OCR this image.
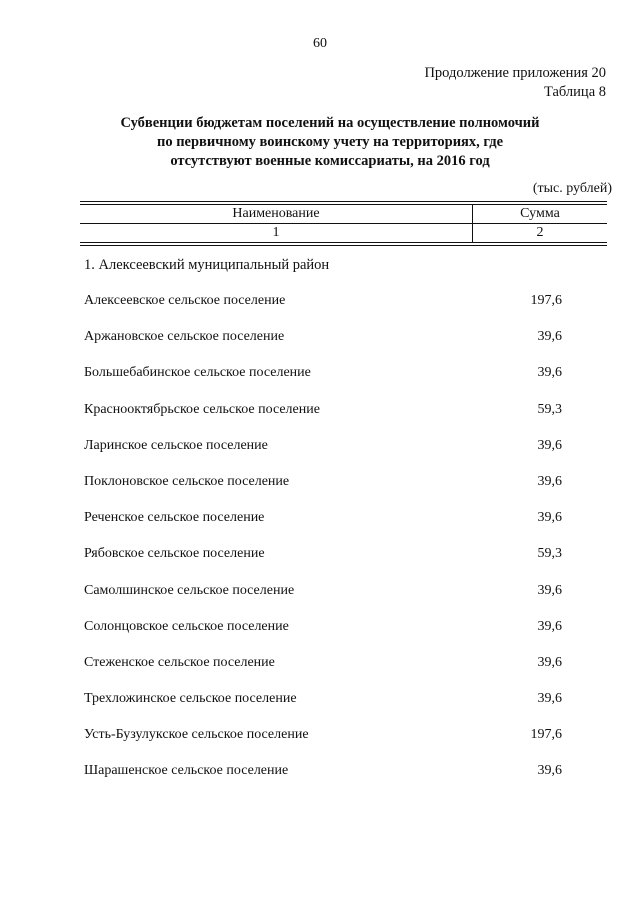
60
Продолжение приложения 20
Таблица 8
Субвенции бюджетам поселений на осуществление полномочий
по первичному воинскому учету на территориях, где
отсутствуют военные комиссариаты, на 2016 год
(тыс. рублей)
Наименование	Сумма
1	2
1. Алексеевский муниципальный район
Алексеевское сельское поселение	197,6
Аржановское сельское поселение	39,6
Большебабинское сельское поселение	39,6
Краснооктябрьское сельское поселение	59,3
Ларинское сельское поселение	39,6
Поклоновское сельское поселение	39,6
Реченское сельское поселение	39,6
Рябовское сельское поселение	59,3
Самолшинское сельское поселение	39,6
Солонцовское сельское поселение	39,6
Стеженское сельское поселение	39,6
Трехложинское сельское поселение	39,6
Усть-Бузулукское сельское поселение	197,6
Шарашенское сельское поселение	39,6
